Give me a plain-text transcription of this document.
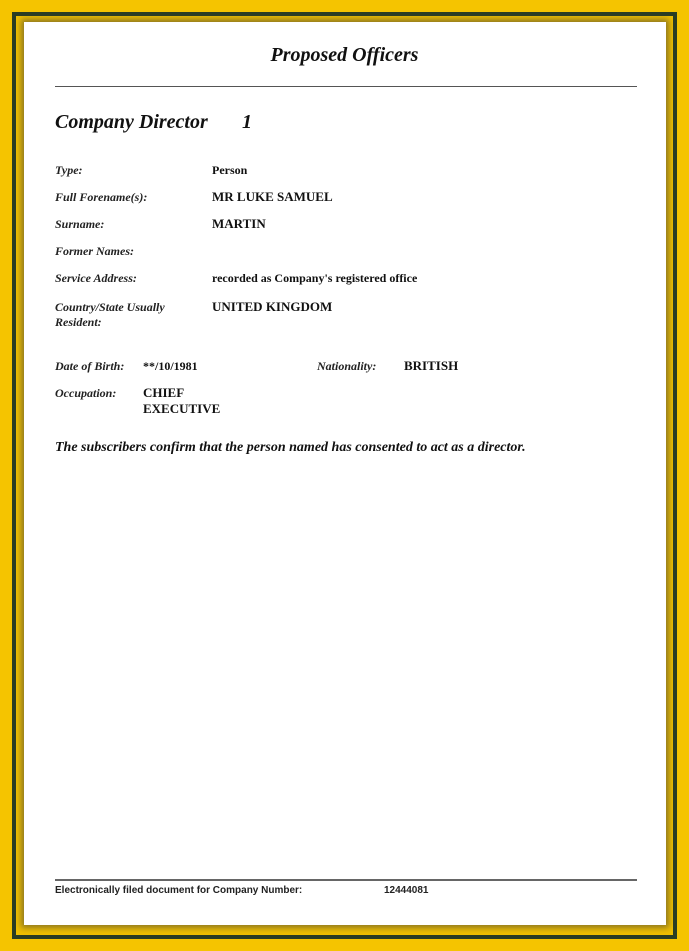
Proposed Officers
Company Director 1
Type:	Person
Full Forename(s):	MR LUKE SAMUEL
Surname:	MARTIN
Former Names:
Service Address:	recorded as Company's registered office
Country/State Usually
Resident:
UNITED KINGDOM
Date of Birth: **/10/1981	Nationality: BRITISH
Occupation: CHIEF
EXECUTIVE
The subscribers confirm that the person named has consented to act as a director.
Electronically filed document for Company Number:	12444081
